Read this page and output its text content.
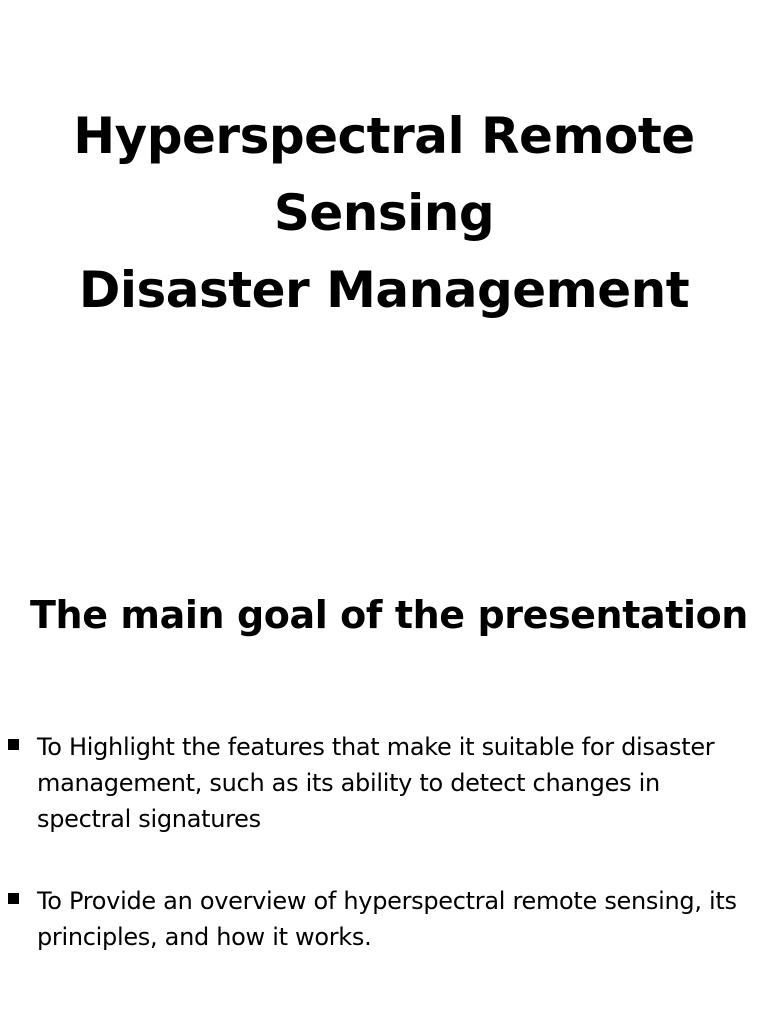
Hyperspectral Remote
Sensing
Disaster Management
The main goal of the presentation
To Highlight the features that make it suitable for disaster management, such as its ability to detect changes in spectral signatures
To Provide an overview of hyperspectral remote sensing, its principles, and how it works.
